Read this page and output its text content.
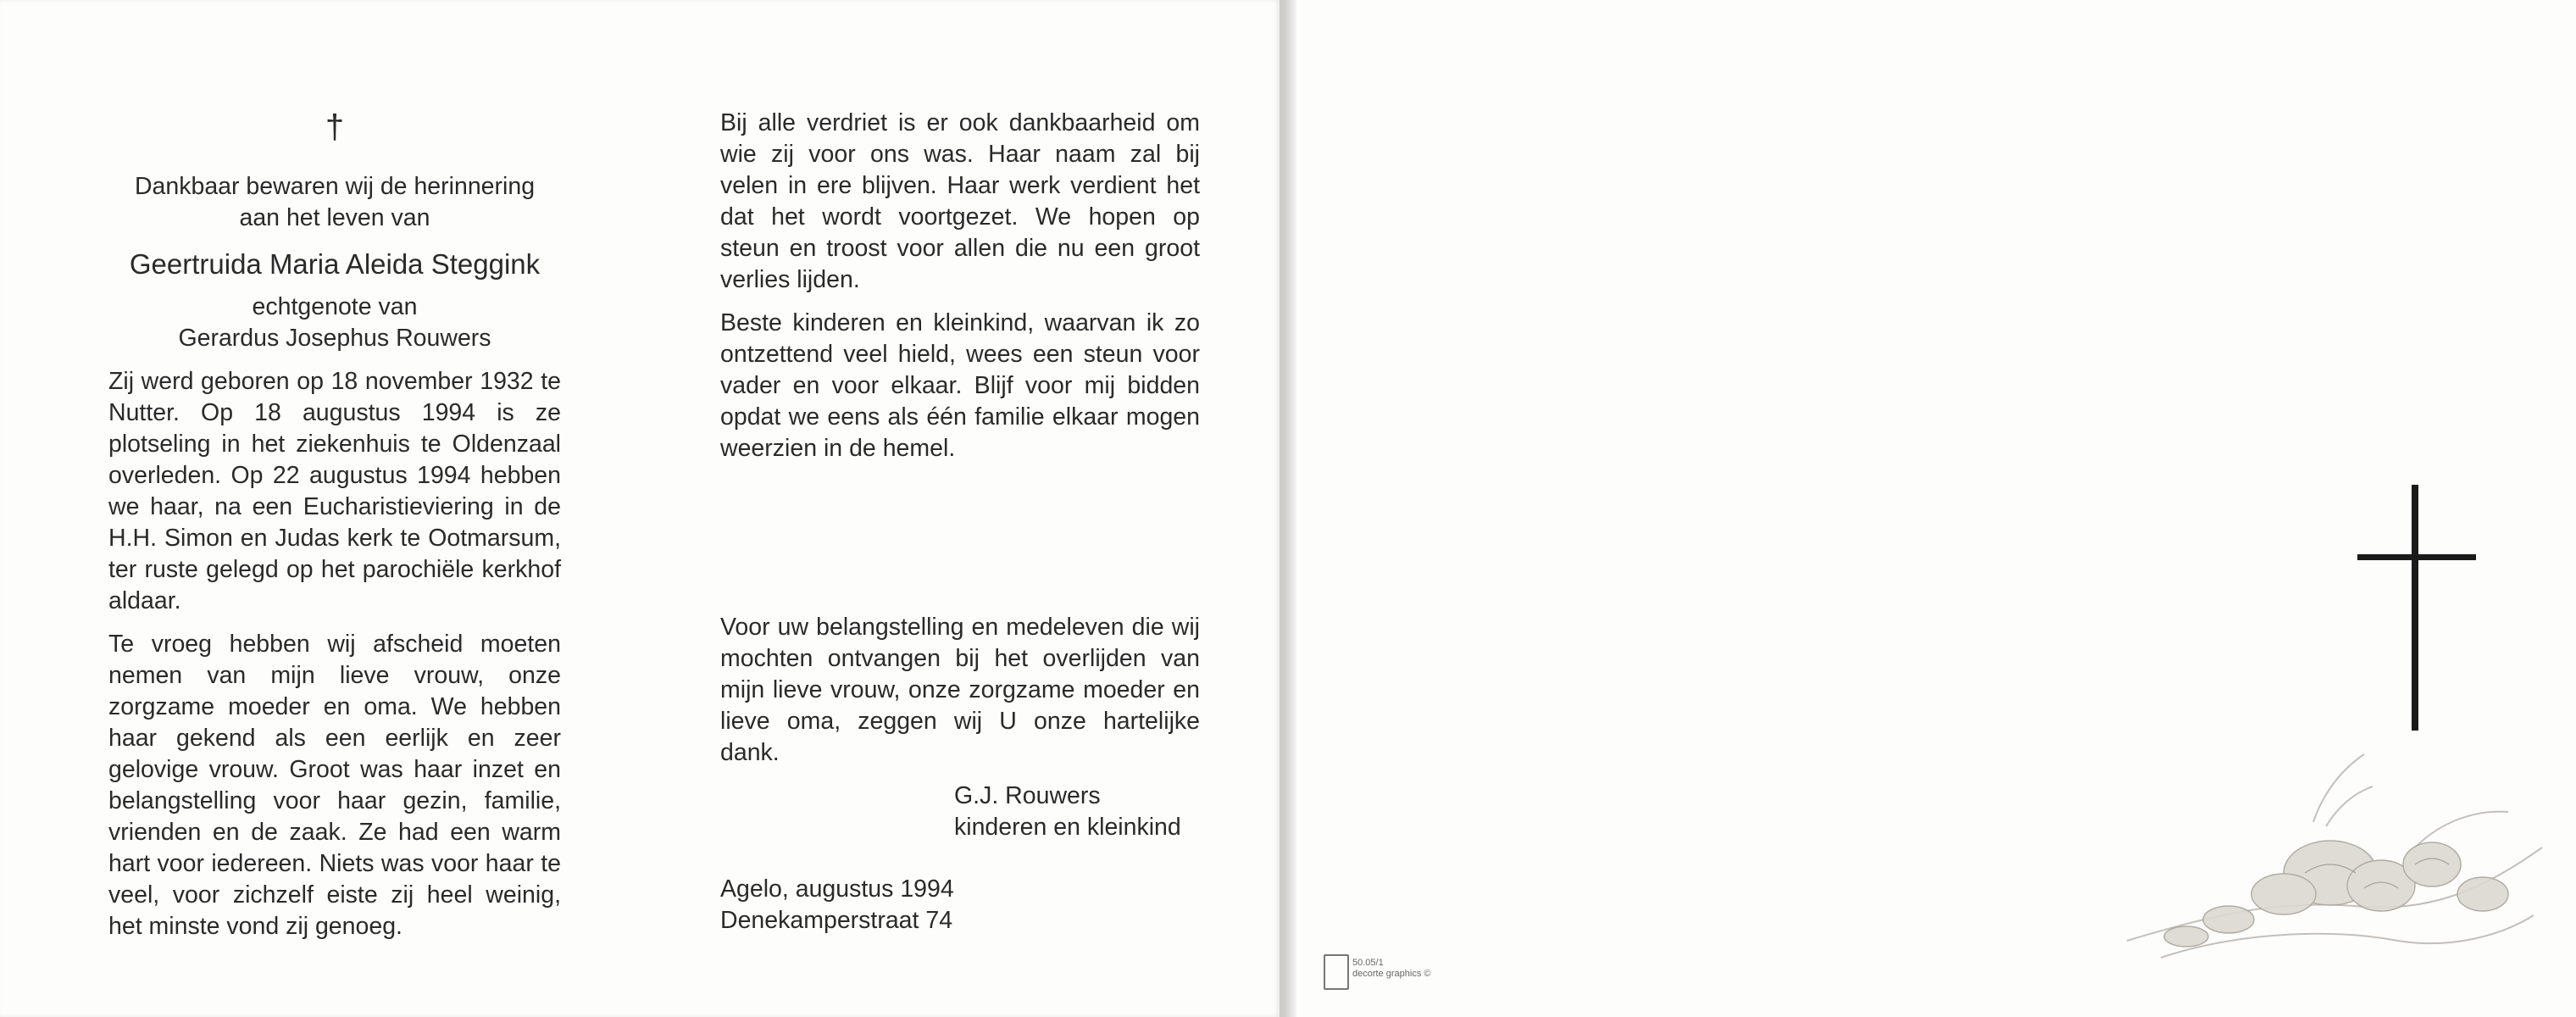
†
Dankbaar bewaren wij de herinnering
aan het leven van
Geertruida Maria Aleida Steggink
echtgenote van
Gerardus Josephus Rouwers

Zij werd geboren op 18 november 1932 te Nutter. Op 18 augustus 1994 is ze plotseling in het ziekenhuis te Oldenzaal overleden. Op 22 augustus 1994 hebben we haar, na een Eucharistieviering in de H.H. Simon en Judas kerk te Ootmarsum, ter ruste gelegd op het parochiële kerkhof aldaar.

Te vroeg hebben wij afscheid moeten nemen van mijn lieve vrouw, onze zorgzame moeder en oma. We hebben haar gekend als een eerlijk en zeer gelovige vrouw. Groot was haar inzet en belangstelling voor haar gezin, familie, vrienden en de zaak. Ze had een warm hart voor iedereen. Niets was voor haar te veel, voor zichzelf eiste zij heel weinig, het minste vond zij genoeg.

Bij alle verdriet is er ook dankbaarheid om wie zij voor ons was. Haar naam zal bij velen in ere blijven. Haar werk verdient het dat het wordt voortgezet. We hopen op steun en troost voor allen die nu een groot verlies lijden.

Beste kinderen en kleinkind, waarvan ik zo ontzettend veel hield, wees een steun voor vader en voor elkaar. Blijf voor mij bidden opdat we eens als één familie elkaar mogen weerzien in de hemel.

Voor uw belangstelling en medeleven die wij mochten ontvangen bij het overlijden van mijn lieve vrouw, onze zorgzame moeder en lieve oma, zeggen wij U onze hartelijke dank.

G.J. Rouwers
kinderen en kleinkind
Agelo, augustus 1994
Denekamperstraat 74
50.05/1
decorte graphics ©
